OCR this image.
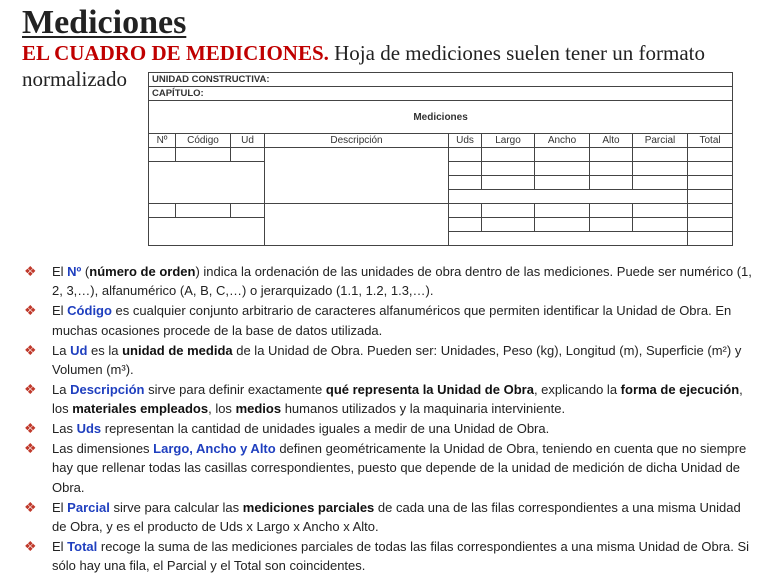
Mediciones
EL CUADRO DE MEDICIONES. Hoja de mediciones suelen tener un formato
normalizado	UNIDAD CONSTRUCTIVA:									
CAPÍTULO:									
Mediciones									
Nº	Código	Ud	Descripción	Uds	Largo	Ancho	Alto	Parcial	Total

❖ El Nº (número de orden) indica la ordenación de las unidades de obra dentro de las mediciones. Puede ser numérico (1, 2, 3,…), alfanumérico (A, B, C,…) o jerarquizado (1.1, 1.2, 1.3,…).
❖ El Código es cualquier conjunto arbitrario de caracteres alfanuméricos que permiten identificar la Unidad de Obra. En muchas ocasiones procede de la base de datos utilizada.
❖ La Ud es la unidad de medida de la Unidad de Obra. Pueden ser: Unidades, Peso (kg), Longitud (m), Superficie (m²) y Volumen (m³).
❖ La Descripción sirve para definir exactamente qué representa la Unidad de Obra, explicando la forma de ejecución, los materiales empleados, los medios humanos utilizados y la maquinaria interviniente.
❖ Las Uds representan la cantidad de unidades iguales a medir de una Unidad de Obra.
❖ Las dimensiones Largo, Ancho y Alto definen geométricamente la Unidad de Obra, teniendo en cuenta que no siempre hay que rellenar todas las casillas correspondientes, puesto que depende de la unidad de medición de dicha Unidad de Obra.
❖ El Parcial sirve para calcular las mediciones parciales de cada una de las filas correspondientes a una misma Unidad de Obra, y es el producto de Uds x Largo x Ancho x Alto.
❖ El Total recoge la suma de las mediciones parciales de todas las filas correspondientes a una misma Unidad de Obra. Si sólo hay una fila, el Parcial y el Total son coincidentes.
